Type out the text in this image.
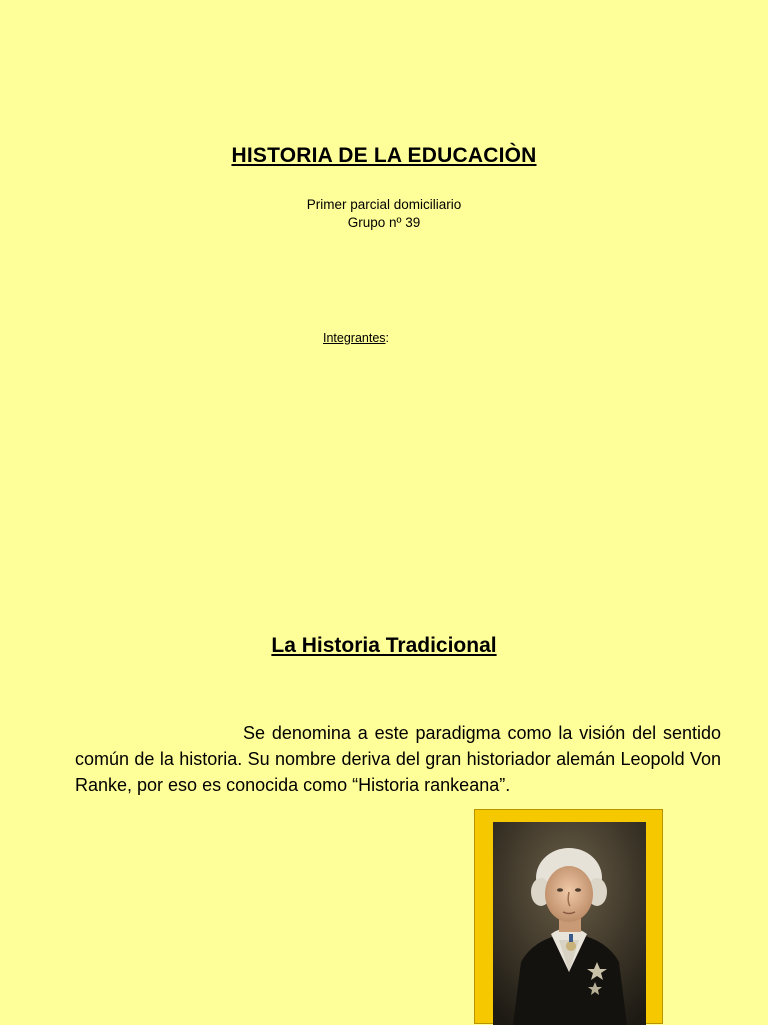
HISTORIA DE LA EDUCACIÒN
Primer parcial domiciliario
Grupo nº 39
Integrantes:
La Historia Tradicional
Se denomina a este paradigma como la visión del sentido común de la historia. Su nombre deriva del gran historiador alemán Leopold Von Ranke, por eso es conocida como “Historia rankeana”.
